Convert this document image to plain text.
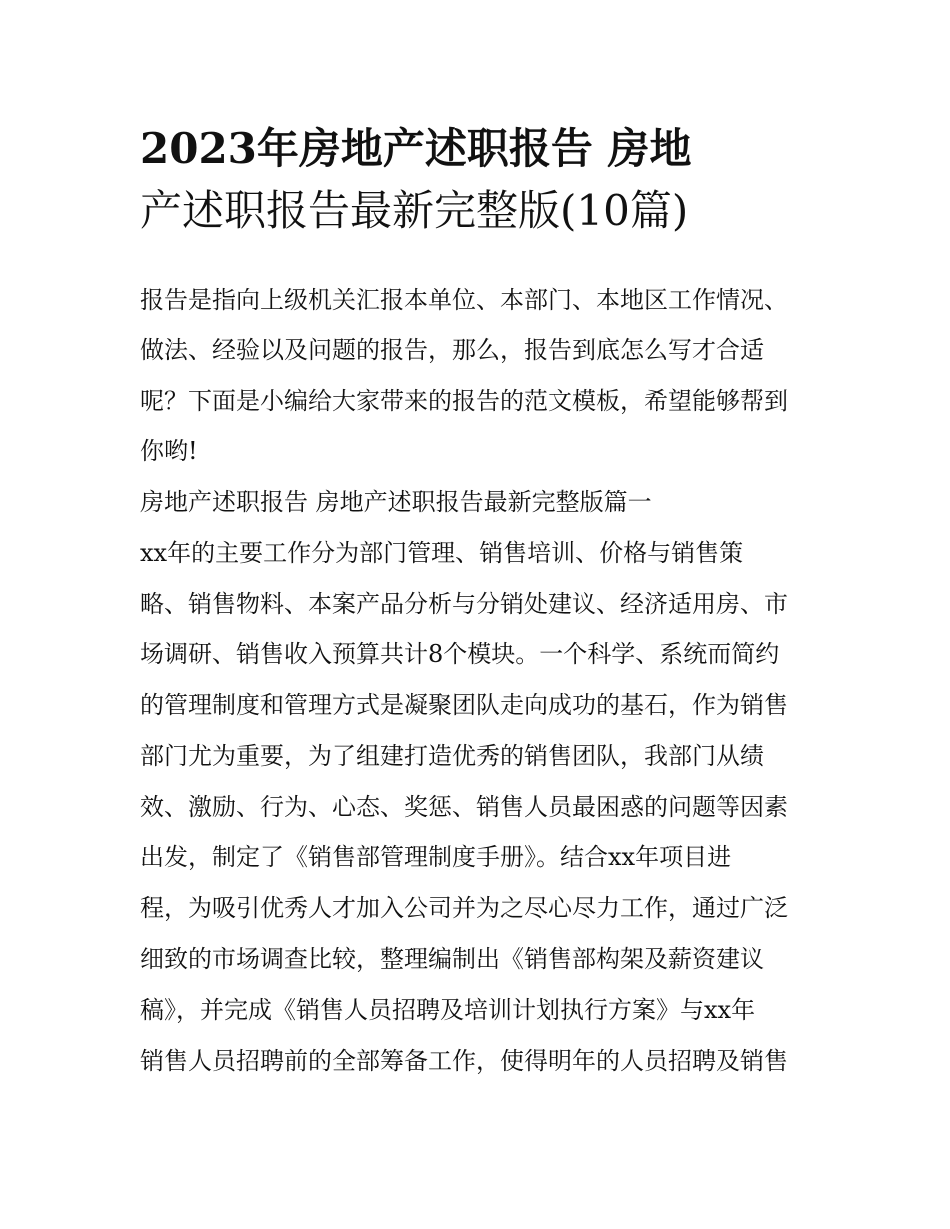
2023年房地产述职报告 房地
产述职报告最新完整版(10篇)
报告是指向上级机关汇报本单位、本部门、本地区工作情况、
做法、经验以及问题的报告，那么，报告到底怎么写才合适
呢？下面是小编给大家带来的报告的范文模板，希望能够帮到
你哟!
房地产述职报告 房地产述职报告最新完整版篇一
xx年的主要工作分为部门管理、销售培训、价格与销售策
略、销售物料、本案产品分析与分销处建议、经济适用房、市
场调研、销售收入预算共计8个模块。一个科学、系统而简约
的管理制度和管理方式是凝聚团队走向成功的基石，作为销售
部门尤为重要，为了组建打造优秀的销售团队，我部门从绩
效、激励、行为、心态、奖惩、销售人员最困惑的问题等因素
出发，制定了《销售部管理制度手册》。结合xx年项目进
程，为吸引优秀人才加入公司并为之尽心尽力工作，通过广泛
细致的市场调查比较，整理编制出《销售部构架及薪资建议
稿》，并完成《销售人员招聘及培训计划执行方案》与xx年
销售人员招聘前的全部筹备工作，使得明年的人员招聘及销售
